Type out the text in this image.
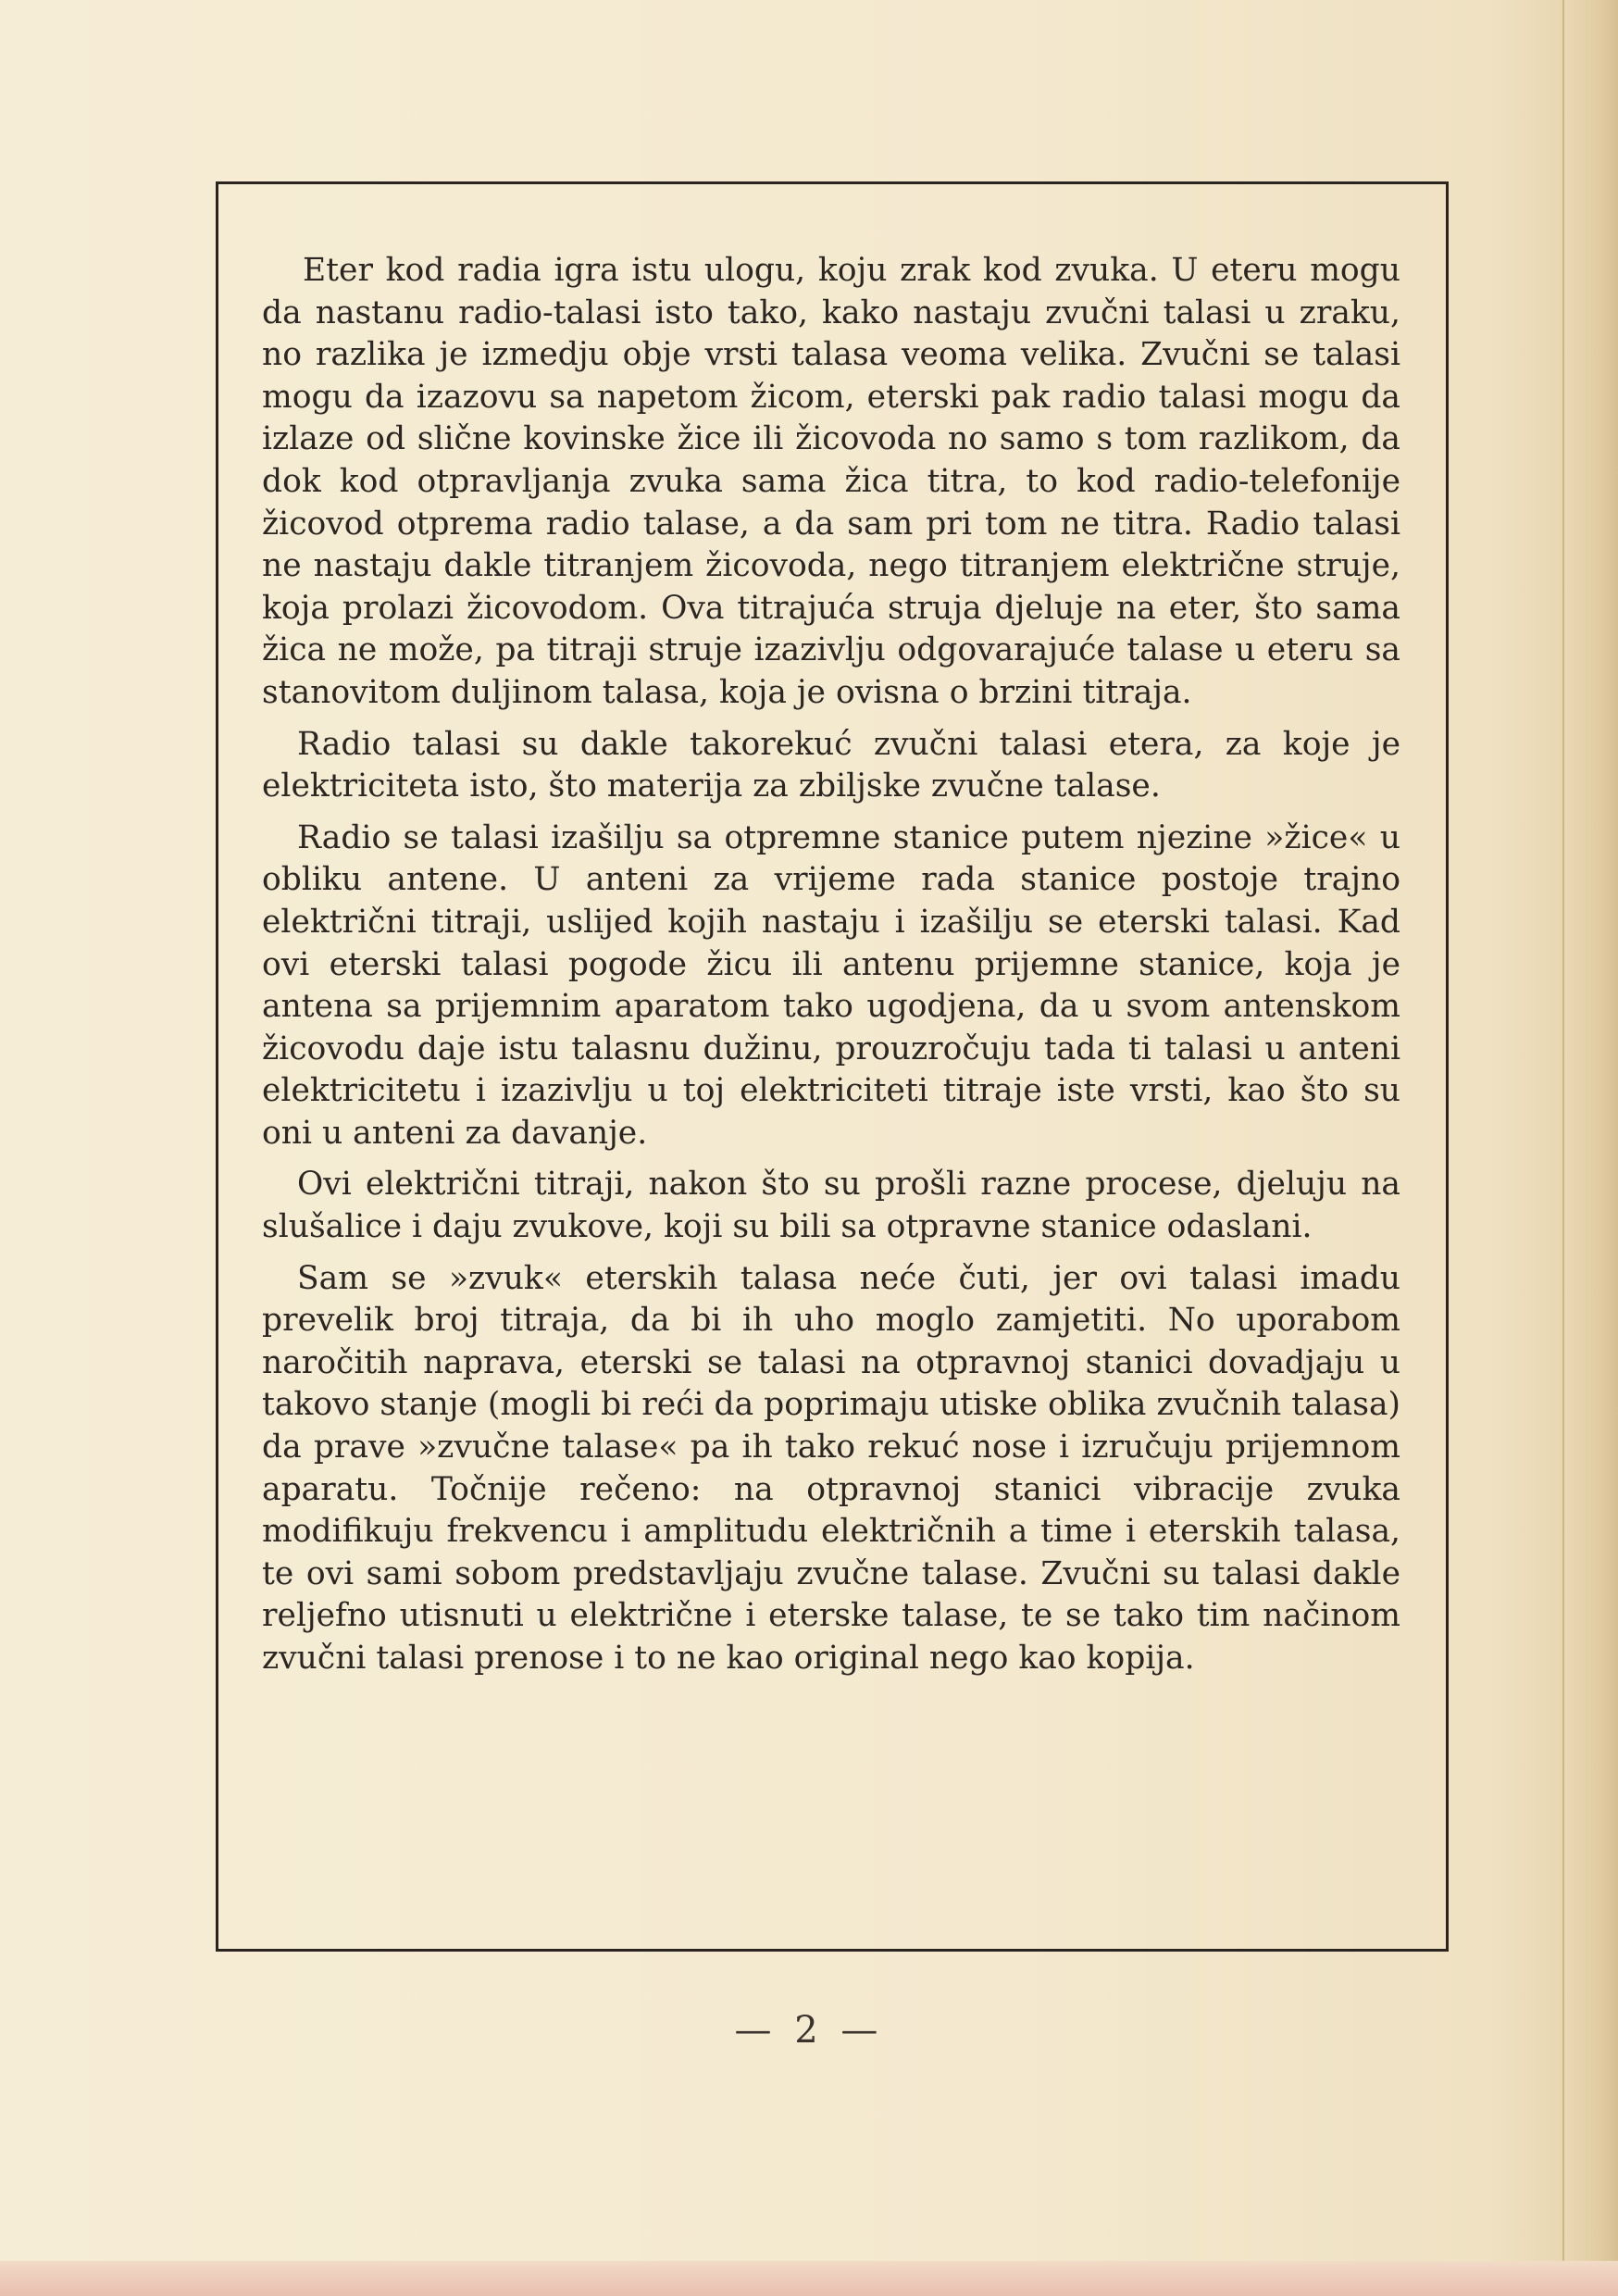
Eter kod radia igra istu ulogu, koju zrak kod zvuka. U eteru mogu da nastanu radio-talasi isto tako, kako nastaju zvučni talasi u zraku, no razlika je izmedju obje vrsti talasa veoma velika. Zvučni se talasi mogu da izazovu sa napetom žicom, eterski pak radio talasi mogu da izlaze od slične kovinske žice ili žicovoda no samo s tom razlikom, da dok kod otpravljanja zvuka sama žica titra, to kod radio-telefonije žicovod otprema radio talase, a da sam pri tom ne titra. Radio talasi ne nastaju dakle titranjem žicovoda, nego titranjem električne struje, koja prolazi žicovodom. Ova titrajuća struja djeluje na eter, što sama žica ne može, pa titraji struje izazivlju odgovarajuće talase u eteru sa stanovitom duljinom talasa, koja je ovisna o brzini titraja.

Radio talasi su dakle takorekuć zvučni talasi etera, za koje je elektriciteta isto, što materija za zbiljske zvučne talase.

Radio se talasi izašilju sa otpremne stanice putem njezine »žice« u obliku antene. U anteni za vrijeme rada stanice postoje trajno električni titraji, uslijed kojih nastaju i izašilju se eterski talasi. Kad ovi eterski talasi pogode žicu ili antenu prijemne stanice, koja je antena sa prijemnim aparatom tako ugodjena, da u svom antenskom žicovodu daje istu talasnu dužinu, prouzročuju tada ti talasi u anteni elektricitetu i izazivlju u toj elektriciteti titraje iste vrsti, kao što su oni u anteni za davanje.

Ovi električni titraji, nakon što su prošli razne procese, djeluju na slušalice i daju zvukove, koji su bili sa otpravne stanice odaslani.

Sam se »zvuk« eterskih talasa neće čuti, jer ovi talasi imadu prevelik broj titraja, da bi ih uho moglo zamjetiti. No uporabom naročitih naprava, eterski se talasi na otpravnoj stanici dovadjaju u takovo stanje (mogli bi reći da poprimaju utiske oblika zvučnih talasa) da prave »zvučne talase« pa ih tako rekuć nose i izručuju prijemnom aparatu. Točnije rečeno: na otpravnoj stanici vibracije zvuka modifikuju frekvencu i amplitudu električnih a time i eterskih talasa, te ovi sami sobom predstavljaju zvučne talase. Zvučni su talasi dakle reljefno utisnuti u električne i eterske talase, te se tako tim načinom zvučni talasi prenose i to ne kao original nego kao kopija.

— 2 —
